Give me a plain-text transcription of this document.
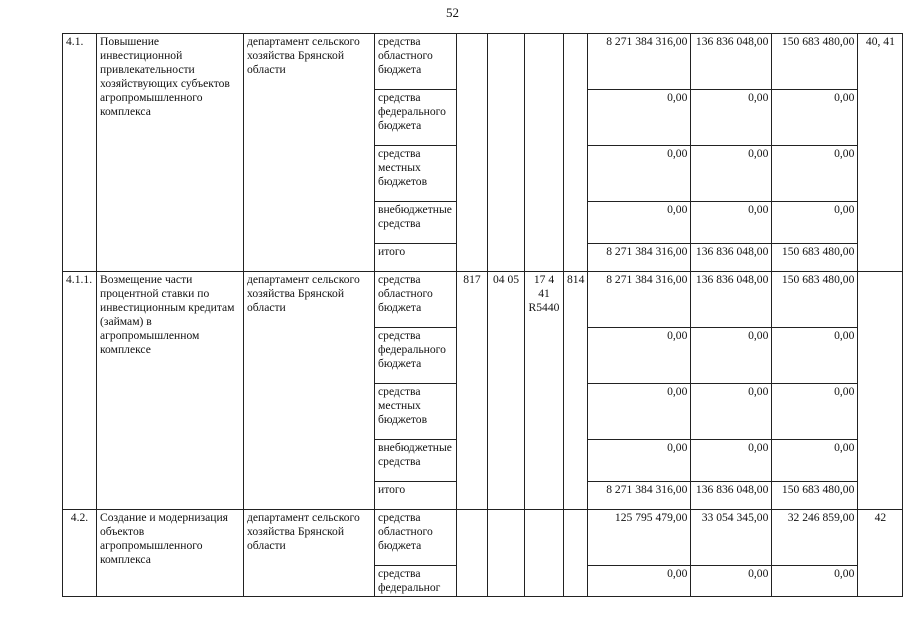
52
4.1.	Повышение инвестиционной привлекательности хозяйствующих субъектов агропромышленного комплекса	департамент сельского хозяйства Брянской области	средства областного бюджета					8 271 384 316,00	136 836 048,00	150 683 480,00	40, 41
			средства федерального бюджета					0,00	0,00	0,00	
			средства местных бюджетов					0,00	0,00	0,00	
			внебюджетные средства					0,00	0,00	0,00	
			итого					8 271 384 316,00	136 836 048,00	150 683 480,00	
4.1.1.	Возмещение части процентной ставки по инвестиционным кредитам (займам) в агропромышленном комплексе	департамент сельского хозяйства Брянской области	средства областного бюджета	817	04 05	17 4 41 R5440	814	8 271 384 316,00	136 836 048,00	150 683 480,00	
			средства федерального бюджета					0,00	0,00	0,00	
			средства местных бюджетов					0,00	0,00	0,00	
			внебюджетные средства					0,00	0,00	0,00	
			итого					8 271 384 316,00	136 836 048,00	150 683 480,00	
4.2.	Создание и модернизация объектов агропромышленного комплекса	департамент сельского хозяйства Брянской области	средства областного бюджета					125 795 479,00	33 054 345,00	32 246 859,00	42
			средства федеральног					0,00	0,00	0,00	
